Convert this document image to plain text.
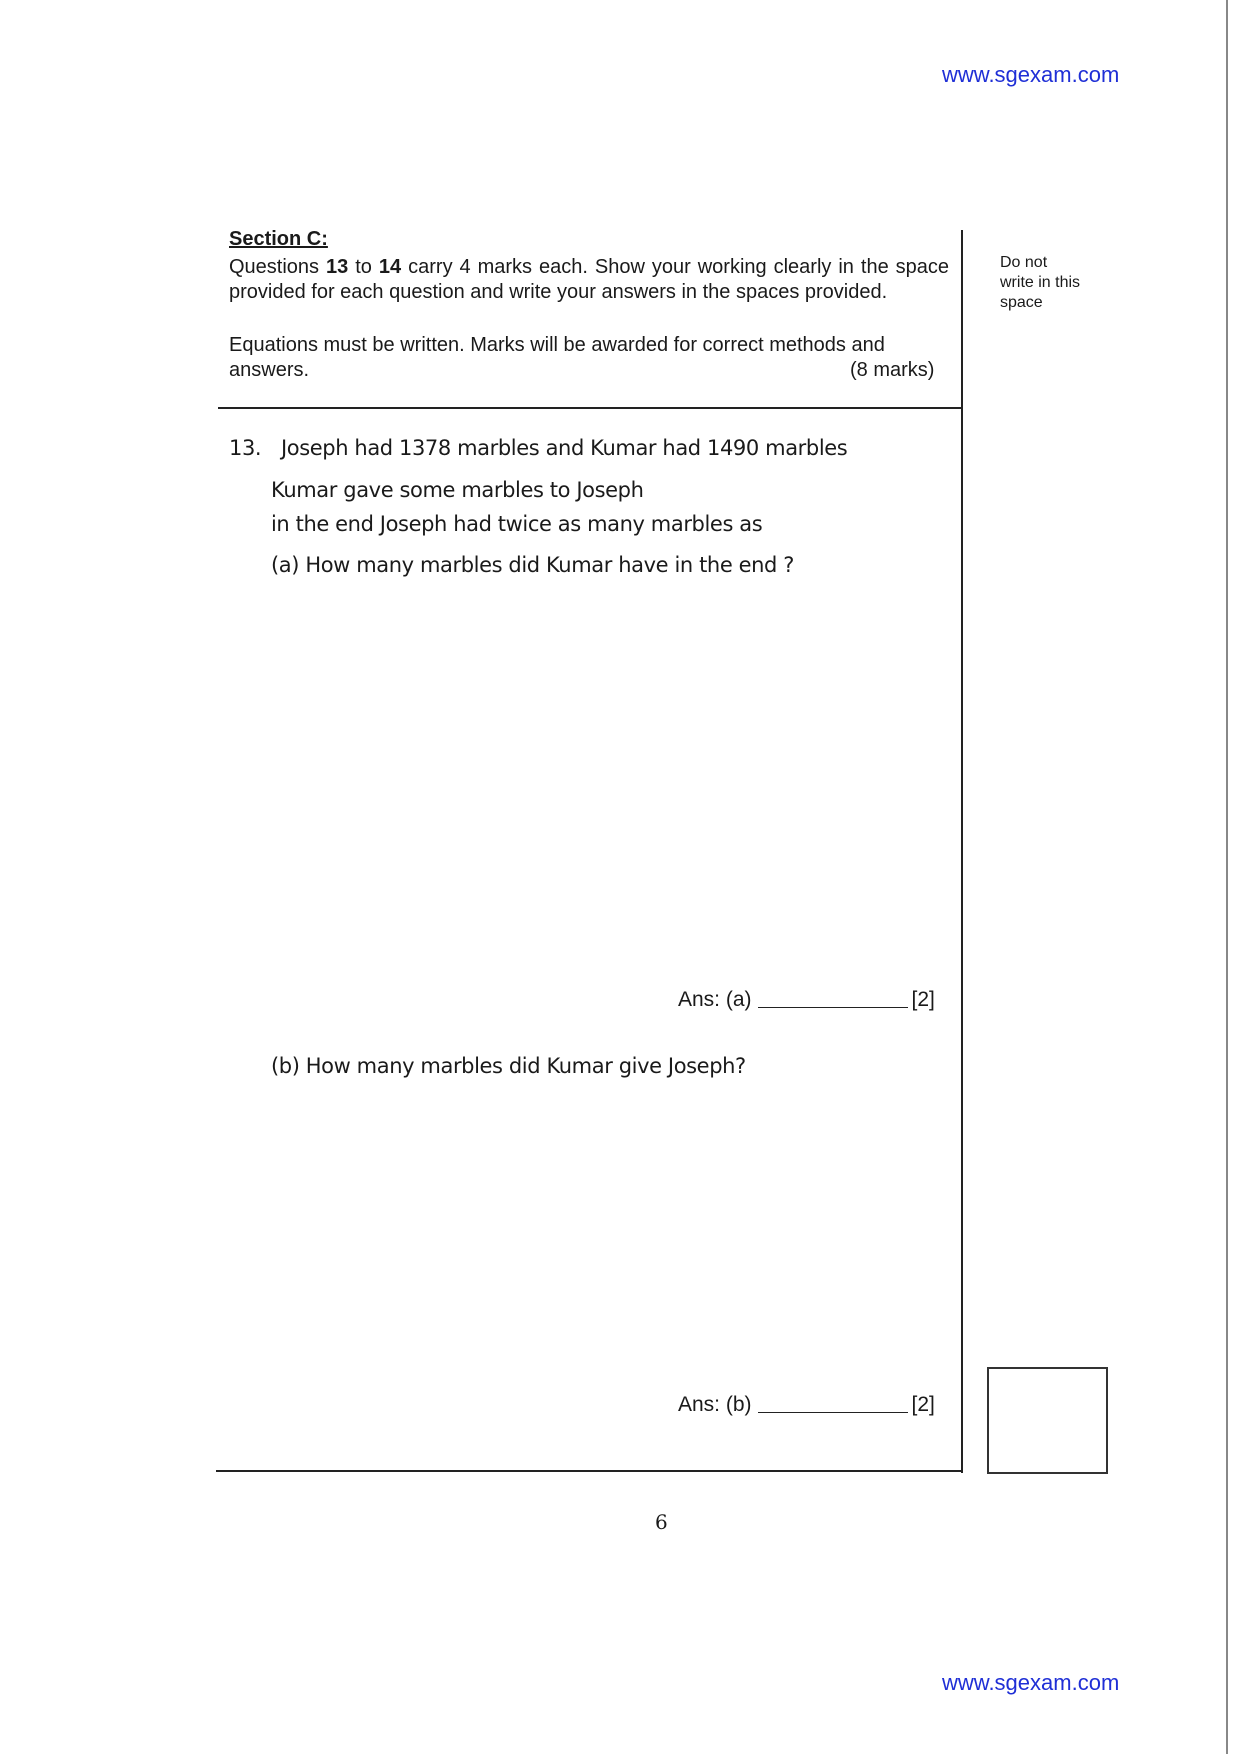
www.sgexam.com
Section C:
Questions 13 to 14 carry 4 marks each. Show your working clearly in the space provided for each question and write your answers in the spaces provided.
Equations must be written. Marks will be awarded for correct methods and answers.	(8 marks)
Do not
write in this
space
13. Joseph had 1378 marbles and Kumar had 1490 marbles
Kumar gave some marbles to Joseph
in the end Joseph had twice as many marbles as
(a) How many marbles did Kumar have in the end ?
Ans: (a)	[2]
(b) How many marbles did Kumar give Joseph?
Ans: (b)	[2]
6
www.sgexam.com
